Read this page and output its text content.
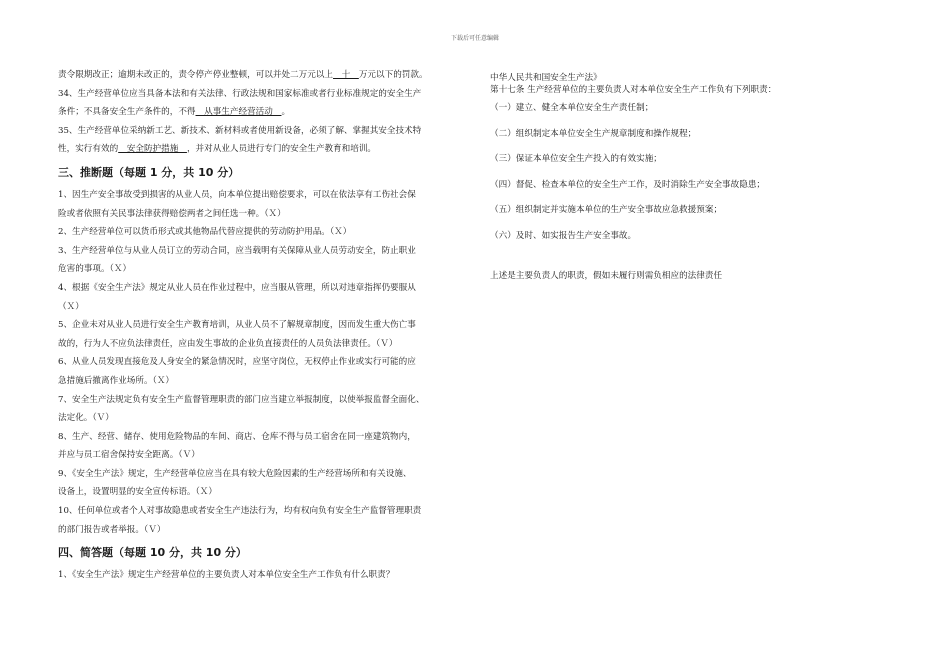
下载后可任意编辑
责令限期改正；逾期未改正的，责令停产停业整顿，可以并处二万元以上　十　万元以下的罚款。
34、生产经营单位应当具备本法和有关法律、行政法规和国家标准或者行业标准规定的安全生产
条件；不具备安全生产条件的，不得　从事生产经营活动　。
35、生产经营单位采纳新工艺、新技术、新材料或者使用新设备，必须了解、掌握其安全技术特
性，实行有效的　安全防护措施　，并对从业人员进行专门的安全生产教育和培训。
三、推断题（每题 1 分，共 10 分）
1、因生产安全事故受到损害的从业人员，向本单位提出赔偿要求，可以在依法享有工伤社会保
险或者依照有关民事法律获得赔偿两者之间任选一种。（Ｘ）
2、生产经营单位可以货币形式或其他物品代替应提供的劳动防护用品。（Ｘ）
3、生产经营单位与从业人员订立的劳动合同，应当载明有关保障从业人员劳动安全，防止职业
危害的事项。（Ｘ）
4、根据《安全生产法》规定从业人员在作业过程中，应当服从管理，所以对违章指挥仍要服从
（Ｘ）
5、企业未对从业人员进行安全生产教育培训，从业人员不了解规章制度，因而发生重大伤亡事
故的，行为人不应负法律责任，应由发生事故的企业负直接责任的人员负法律责任。（Ｖ）
6、从业人员发现直接危及人身安全的紧急情况时，应坚守岗位，无权停止作业或实行可能的应
急措施后撤离作业场所。（Ｘ）
7、安全生产法规定负有安全生产监督管理职责的部门应当建立举报制度，以使举报监督全面化、
法定化。（Ｖ）
8、生产、经营、储存、使用危险物品的车间、商店、仓库不得与员工宿舍在同一座建筑物内，
并应与员工宿舍保持安全距离。（Ｖ）
9、《安全生产法》规定，生产经营单位应当在具有较大危险因素的生产经营场所和有关设施、
设备上，设置明显的安全宣传标语。（Ｘ）
10、任何单位或者个人对事故隐患或者安全生产违法行为，均有权向负有安全生产监督管理职责
的部门报告或者举报。（Ｖ）
四、简答题（每题 10 分，共 10 分）
1、《安全生产法》规定生产经营单位的主要负责人对本单位安全生产工作负有什么职责？
中华人民共和国安全生产法》
第十七条 生产经营单位的主要负责人对本单位安全生产工作负有下列职责：
（一）建立、健全本单位安全生产责任制；
（二）组织制定本单位安全生产规章制度和操作规程；
（三）保证本单位安全生产投入的有效实施；
（四）督促、检查本单位的安全生产工作，及时消除生产安全事故隐患；
（五）组织制定并实施本单位的生产安全事故应急救援预案；
（六）及时、如实报告生产安全事故。
上述是主要负责人的职责，假如未履行则需负相应的法律责任
